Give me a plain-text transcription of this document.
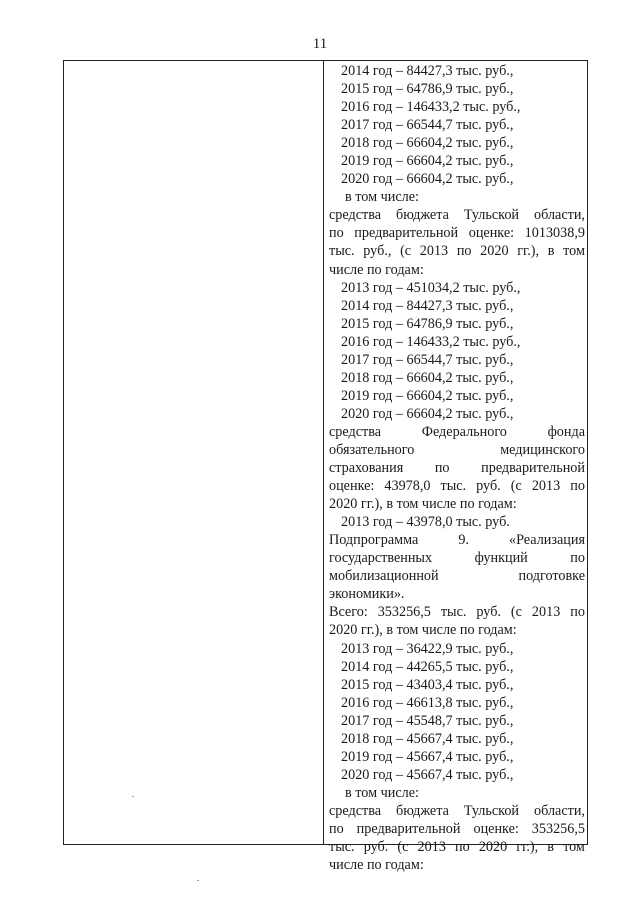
11
2014 год – 84427,3 тыс. руб.,
2015 год – 64786,9 тыс. руб.,
2016 год – 146433,2 тыс. руб.,
2017 год – 66544,7 тыс. руб.,
2018 год – 66604,2 тыс. руб.,
2019 год – 66604,2 тыс. руб.,
2020 год – 66604,2 тыс. руб.,
в том числе:
средства бюджета Тульской области,
по предварительной оценке: 1013038,9
тыс. руб., (с 2013 по 2020 гг.), в том
числе по годам:
2013 год – 451034,2 тыс. руб.,
2014 год – 84427,3 тыс. руб.,
2015 год – 64786,9 тыс. руб.,
2016 год – 146433,2 тыс. руб.,
2017 год – 66544,7 тыс. руб.,
2018 год – 66604,2 тыс. руб.,
2019 год – 66604,2 тыс. руб.,
2020 год – 66604,2 тыс. руб.,
средства	Федерального	фонда
обязательного	медицинского
страхования по предварительной
оценке: 43978,0 тыс. руб. (с 2013 по
2020 гг.), в том числе по годам:
2013 год – 43978,0 тыс. руб.
Подпрограмма	9.	«Реализация
государственных	функций	по
мобилизационной	подготовке
экономики».
Всего: 353256,5 тыс. руб. (с 2013 по
2020 гг.), в том числе по годам:
2013 год – 36422,9 тыс. руб.,
2014 год – 44265,5 тыс. руб.,
2015 год – 43403,4 тыс. руб.,
2016 год – 46613,8 тыс. руб.,
2017 год – 45548,7 тыс. руб.,
2018 год – 45667,4 тыс. руб.,
2019 год – 45667,4 тыс. руб.,
2020 год – 45667,4 тыс. руб.,
в том числе:
средства бюджета Тульской области,
по предварительной оценке: 353256,5
тыс. руб. (с 2013 по 2020 гг.), в том
числе по годам:
